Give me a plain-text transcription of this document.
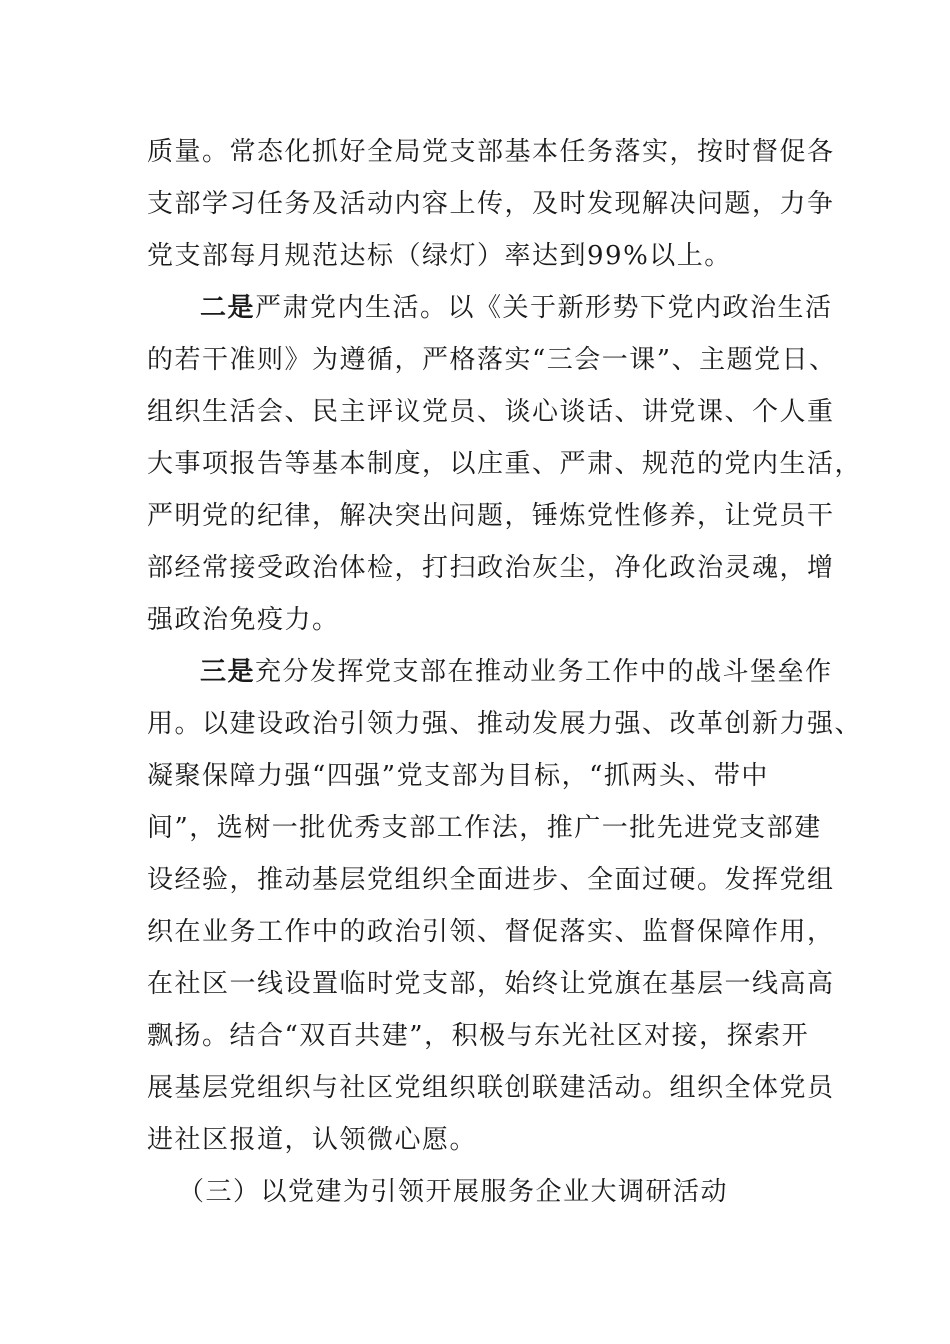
质量。常态化抓好全局党支部基本任务落实，按时督促各
支部学习任务及活动内容上传，及时发现解决问题，力争
党支部每月规范达标（绿灯）率达到99%以上。
二是严肃党内生活。以《关于新形势下党内政治生活
的若干准则》为遵循，严格落实“三会一课”、主题党日、
组织生活会、民主评议党员、谈心谈话、讲党课、个人重
大事项报告等基本制度，以庄重、严肃、规范的党内生活，
严明党的纪律，解决突出问题，锤炼党性修养，让党员干
部经常接受政治体检，打扫政治灰尘，净化政治灵魂，增
强政治免疫力。
三是充分发挥党支部在推动业务工作中的战斗堡垒作
用。以建设政治引领力强、推动发展力强、改革创新力强、
凝聚保障力强“四强”党支部为目标，“抓两头、带中
间”，选树一批优秀支部工作法，推广一批先进党支部建
设经验，推动基层党组织全面进步、全面过硬。发挥党组
织在业务工作中的政治引领、督促落实、监督保障作用，
在社区一线设置临时党支部，始终让党旗在基层一线高高
飘扬。结合“双百共建”，积极与东光社区对接，探索开
展基层党组织与社区党组织联创联建活动。组织全体党员
进社区报道，认领微心愿。
（三）以党建为引领开展服务企业大调研活动
